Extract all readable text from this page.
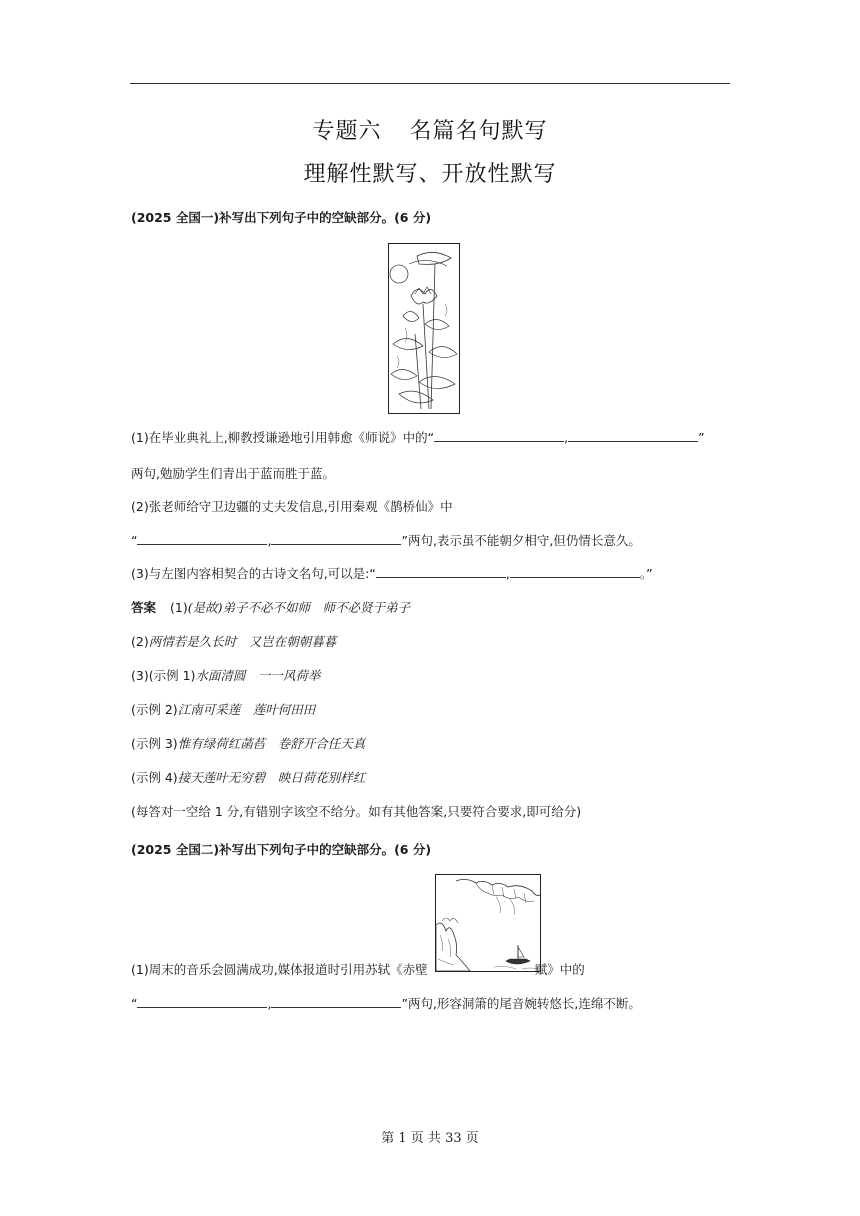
专题六 名篇名句默写
理解性默写、开放性默写
(2025 全国一)补写出下列句子中的空缺部分。(6 分)
(1)在毕业典礼上,柳教授谦逊地引用韩愈《师说》中的“	,	”
两句,勉励学生们青出于蓝而胜于蓝。
(2)张老师给守卫边疆的丈夫发信息,引用秦观《鹊桥仙》中
“	,	”两句,表示虽不能朝夕相守,但仍情长意久。
(3)与左图内容相契合的古诗文名句,可以是:“	,	。”
答案 (1)(是故)弟子不必不如师　师不必贤于弟子
(2)两情若是久长时　又岂在朝朝暮暮
(3)(示例 1)水面清圆　一一风荷举
(示例 2)江南可采莲　莲叶何田田
(示例 3)惟有绿荷红菡萏　卷舒开合任天真
(示例 4)接天莲叶无穷碧　映日荷花别样红
(每答对一空给 1 分,有错别字该空不给分。如有其他答案,只要符合要求,即可给分)
(2025 全国二)补写出下列句子中的空缺部分。(6 分)
(1)周末的音乐会圆满成功,媒体报道时引用苏轼《赤壁	赋》中的
“	,	”两句,形容洞箫的尾音婉转悠长,连绵不断。
第 1 页 共 33 页
